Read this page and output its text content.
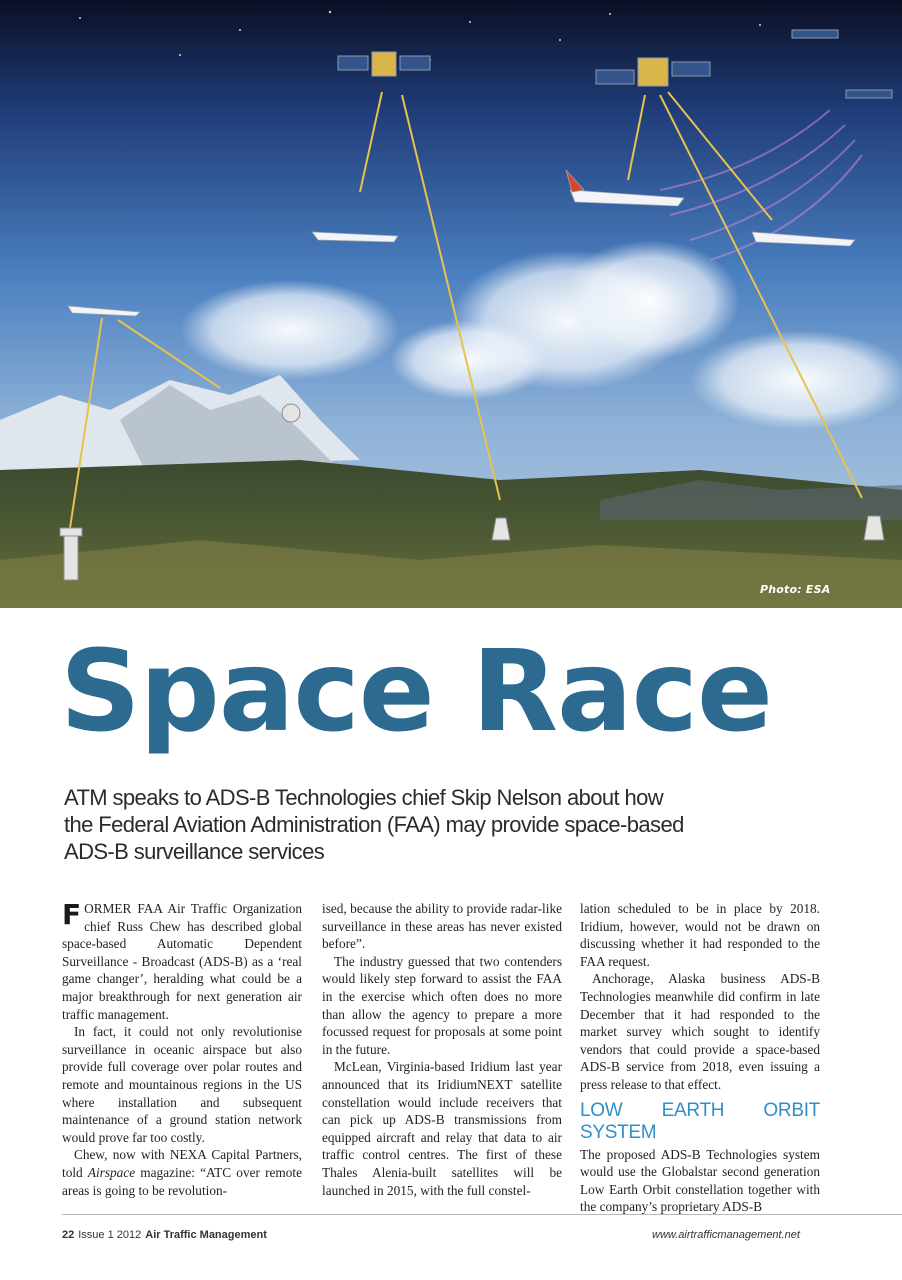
Photo: ESA
Space Race

ATM speaks to ADS-B Technologies chief Skip Nelson about how the Federal Aviation Administration (FAA) may provide space-based ADS-B surveillance services

FORMER FAA Air Traffic Organization chief Russ Chew has described global space-based Automatic Dependent Surveillance - Broadcast (ADS-B) as a ‘real game changer’, heralding what could be a major breakthrough for next generation air traffic management.

In fact, it could not only revolutionise surveillance in oceanic airspace but also provide full coverage over polar routes and remote and mountainous regions in the US where installation and subsequent maintenance of a ground station network would prove far too costly.

Chew, now with NEXA Capital Partners, told Airspace magazine: “ATC over remote areas is going to be revolution-

ised, because the ability to provide radar-like surveillance in these areas has never existed before”.

The industry guessed that two contenders would likely step forward to assist the FAA in the exercise which often does no more than allow the agency to prepare a more focussed request for proposals at some point in the future.

McLean, Virginia-based Iridium last year announced that its IridiumNEXT satellite constellation would include receivers that can pick up ADS-B transmissions from equipped aircraft and relay that data to air traffic control centres. The first of these Thales Alenia-built satellites will be launched in 2015, with the full constel-

lation scheduled to be in place by 2018. Iridium, however, would not be drawn on discussing whether it had responded to the FAA request.

Anchorage, Alaska business ADS-B Technologies meanwhile did confirm in late December that it had responded to the market survey which sought to identify vendors that could provide a space-based ADS-B service from 2018, even issuing a press release to that effect.

LOW EARTH ORBIT SYSTEM

The proposed ADS-B Technologies system would use the Globalstar second generation Low Earth Orbit constellation together with the company’s proprietary ADS-B

22 Issue 1 2012 Air Traffic Management	www.airtrafficmanagement.net
